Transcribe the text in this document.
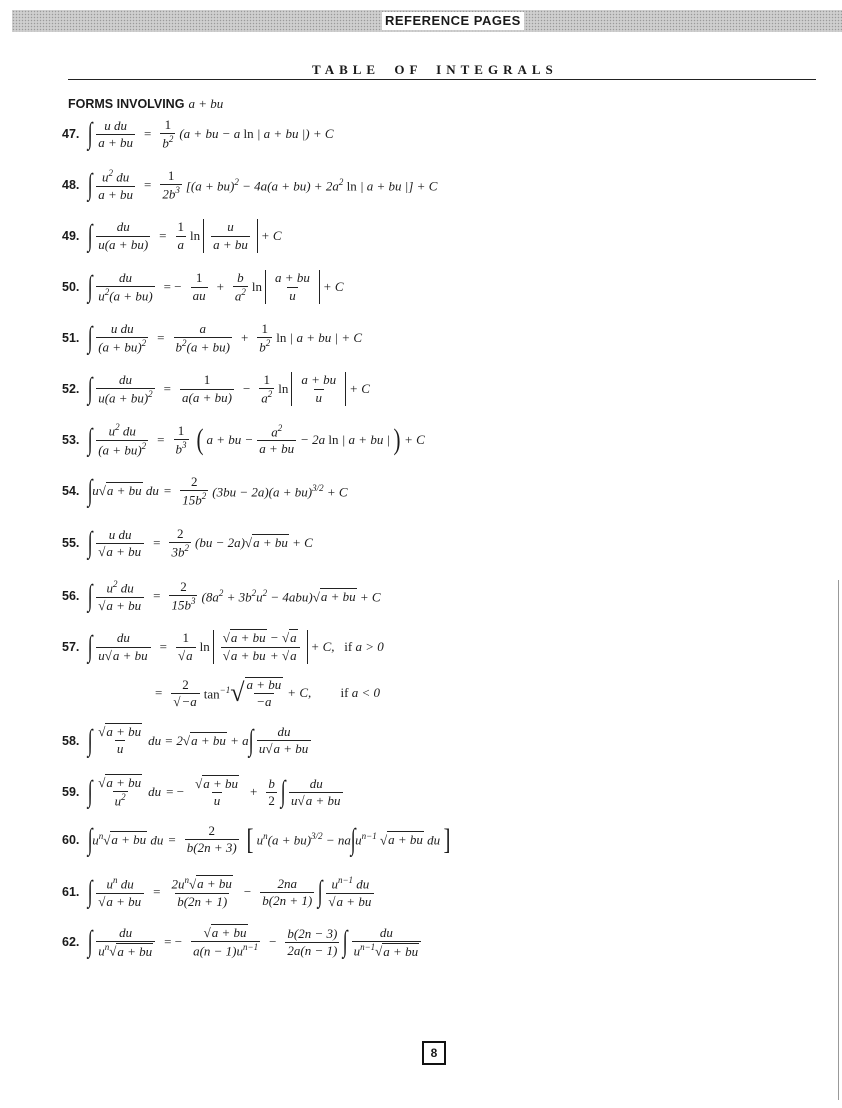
REFERENCE PAGES
TABLE OF INTEGRALS
FORMS INVOLVING a + bu
47. ∫ $\frac{\text{u du}}{a + bu} = \frac{1}{b^2} (a$ + bu − a ln | a + bu |) + C
48. ∫ $\frac{u^2 du}{a + bu} = \frac{1}{2b^3} [(a + bu)^2 - 4a(a + bu) + 2a^2$ ln | a + bu |] + C
49. ∫ $\frac{du}{u(a + bu)} = \frac{1}{a}$ $\ln \frac{u}{a + bu} + C$
50. ∫ $\frac{du}{u^2(a + bu)}$ = − $\frac{1}{au} + \frac{b}{a^2}$ $\ln \frac{a + bu}{u} + C$
51. ∫ $\frac{\text{u du}}{(a + bu)^2} = \frac{a}{b^2(a + bu)} + \frac{1}{b^2}$ ln | a + bu | + C
52. ∫ $\frac{du}{u(a + bu)^2} = \frac{1}{a(a + bu)} - \frac{1}{a^2}$ $\ln \frac{a + bu}{u} + C$
53. ∫ $\frac{u^2 du}{(a + bu)^2} = \frac{1}{b^3}$ ( a + bu − $\frac{a^2}{a + bu} - 2a$ ln | a + bu | ) + C
54. ∫ u√a + bu du = $\frac{2}{15b^2} (3bu - 2a)(a + bu)^{3/2} + C$
55. ∫ $\frac{\text{u du}}{√a + bu} = \frac{2}{3b^2} (bu - 2a)√a$ + bu + C
56. ∫ $\frac{u^2 du}{√a + bu} = \frac{2}{15b^3} (8a^2 + 3b^2u^2 - 4abu)√a$ + bu + C
57. ∫ $\frac{du}{u√a + bu} = \frac{1}{√a}$ $\ln \frac{√a + bu - √a}{√a + bu + √a} + C$,   if a > 0
= $\frac{2}{√-a} \tan^{-1}$ √ $\frac{a + bu}{-a} + C$,         if a < 0
58. ∫ $\frac{√a + bu}{u}$ du = 2√a + bu + a ∫ $\frac{du}{u√a + bu}$
59. ∫ $\frac{√a + bu}{u^2}$ du = − $\frac{√a + bu}{u} + \frac{b}{2}$ ∫ $\frac{du}{u√a + bu}$
60. ∫ $u^n√a$ + bu du = $\frac{2}{b(2n + 3)}$ [ $u^n(a + bu)^{3/2}$ − na ∫ $u^{n-1}$ √a + bu du ]
61. ∫ $\frac{u^n du}{√a + bu} = \frac{2u^n√a + bu}{b(2n + 1)} - \frac{2na}{b(2n + 1)}$ ∫ $\frac{u^{n-1} du}{√a + bu}$
62. ∫ $\frac{du}{u^n√a + bu}$ = − $\frac{√a + bu}{a(n - 1)u^{n-1}} - \frac{b(2n - 3)}{2a(n - 1)}$ ∫ $\frac{du}{u^{n-1}√a + bu}$
8
